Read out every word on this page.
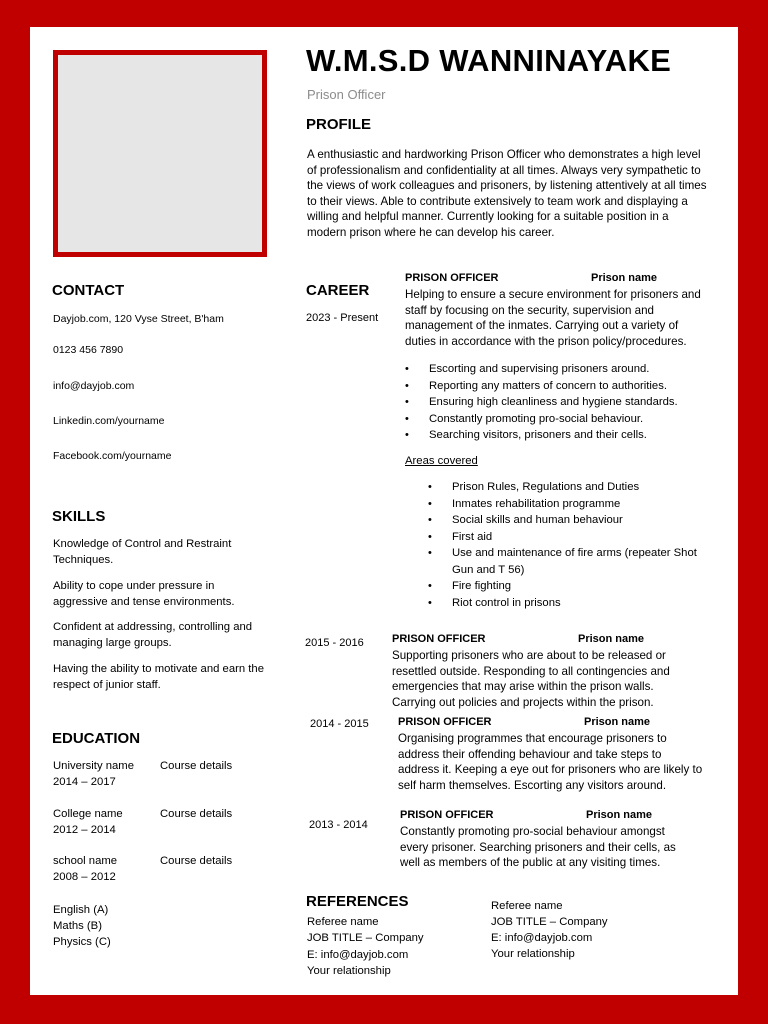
W.M.S.D WANNINAYAKE
Prison Officer
PROFILE
A enthusiastic and hardworking Prison Officer who demonstrates a high level of professionalism and confidentiality at all times. Always very sympathetic to the views of work colleagues and prisoners, by listening attentively at all times to their views. Able to contribute extensively to team work and displaying a willing and helpful manner. Currently looking for a suitable position in a modern prison where he can develop his career.
CONTACT
Dayjob.com, 120 Vyse Street, B'ham
0123 456 7890
info@dayjob.com
Linkedin.com/yourname
Facebook.com/yourname
SKILLS
Knowledge of Control and Restraint Techniques.
Ability to cope under pressure in aggressive and tense environments.
Confident at addressing, controlling and managing large groups.
Having the ability to motivate and earn the respect of junior staff.
EDUCATION
University name
2014 – 2017
Course details
College name
2012 – 2014
Course details
school name
2008 – 2012
Course details
English (A)
Maths (B)
Physics (C)
CAREER
2023 - Present
PRISON OFFICER	Prison name
Helping to ensure a secure environment for prisoners and staff by focusing on the security, supervision and management of the inmates. Carrying out a variety of duties in accordance with the prison policy/procedures.
• Escorting and supervising prisoners around.
• Reporting any matters of concern to authorities.
• Ensuring high cleanliness and hygiene standards.
• Constantly promoting pro-social behaviour.
• Searching visitors, prisoners and their cells.
Areas covered
• Prison Rules, Regulations and Duties
• Inmates rehabilitation programme
• Social skills and human behaviour
• First aid
• Use and maintenance of fire arms (repeater Shot Gun and T 56)
• Fire fighting
• Riot control in prisons
2015 - 2016	PRISON OFFICER	Prison name
Supporting prisoners who are about to be released or resettled outside. Responding to all contingencies and emergencies that may arise within the prison walls. Carrying out policies and projects within the prison.
2014 - 2015	PRISON OFFICER	Prison name
Organising programmes that encourage prisoners to address their offending behaviour and take steps to address it. Keeping a eye out for prisoners who are likely to self harm themselves. Escorting any visitors around.
2013 - 2014
PRISON OFFICER	Prison name
Constantly promoting pro-social behaviour amongst every prisoner. Searching prisoners and their cells, as well as members of the public at any visiting times.
REFERENCES
Referee name
JOB TITLE – Company
E: info@dayjob.com
Your relationship
Referee name
JOB TITLE – Company
E: info@dayjob.com
Your relationship
